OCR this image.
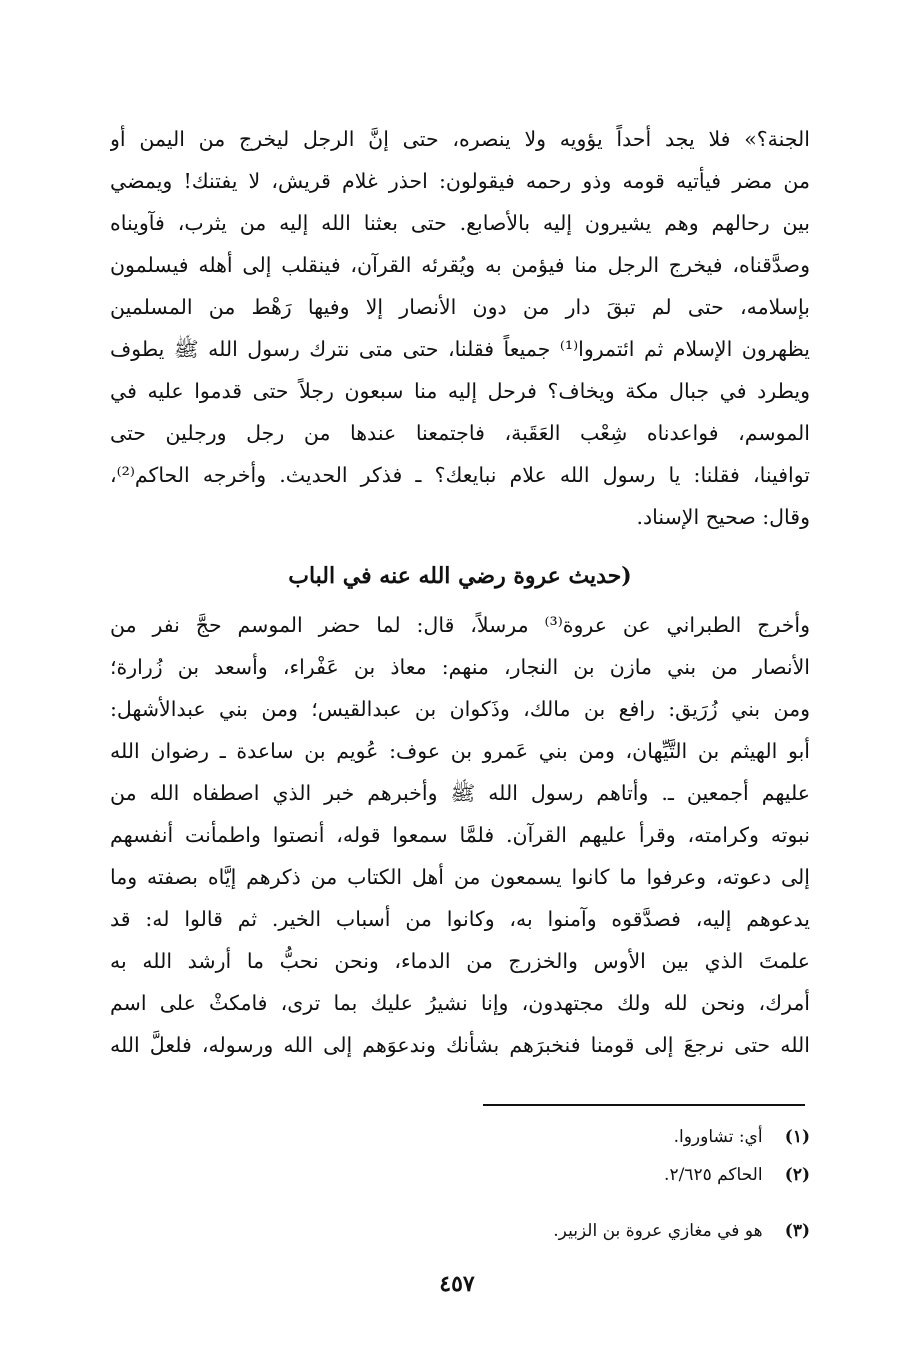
الجنة؟» فلا يجد أحداً يؤويه ولا ينصره، حتى إنَّ الرجل ليخرج من اليمن أو
من مضر فيأتيه قومه وذو رحمه فيقولون: احذر غلام قريش، لا يفتنك! ويمضي
بين رحالهم وهم يشيرون إليه بالأصابع. حتى بعثنا الله إليه من يثرب، فآويناه
وصدَّقناه، فيخرج الرجل منا فيؤمن به ويُقرئه القرآن، فينقلب إلى أهله فيسلمون
بإسلامه، حتى لم تبقَ دار من دون الأنصار إلا وفيها رَهْط من المسلمين
يظهرون الإسلام ثم ائتمروا⁽¹⁾ جميعاً فقلنا، حتى متى نترك رسول الله ﷺ يطوف
ويطرد في جبال مكة ويخاف؟ فرحل إليه منا سبعون رجلاً حتى قدموا عليه في
الموسم، فواعدناه شِعْب العَقَبة، فاجتمعنا عندها من رجل ورجلين حتى
توافينا، فقلنا: يا رسول الله علام نبايعك؟ ـ فذكر الحديث. وأخرجه الحاكم⁽²⁾،
وقال: صحيح الإسناد.
(حديث عروة رضي الله عنه في الباب
وأخرج الطبراني عن عروة⁽³⁾ مرسلاً، قال: لما حضر الموسم حجَّ نفر من
الأنصار من بني مازن بن النجار، منهم: معاذ بن عَفْراء، وأسعد بن زُرارة؛
ومن بني زُرَيق: رافع بن مالك، وذَكوان بن عبدالقيس؛ ومن بني عبدالأشهل:
أبو الهيثم بن التَّيِّهان، ومن بني عَمرو بن عوف: عُويم بن ساعدة ـ رضوان الله
عليهم أجمعين ـ. وأتاهم رسول الله ﷺ وأخبرهم خبر الذي اصطفاه الله من
نبوته وكرامته، وقرأ عليهم القرآن. فلمَّا سمعوا قوله، أنصتوا واطمأنت أنفسهم
إلى دعوته، وعرفوا ما كانوا يسمعون من أهل الكتاب من ذكرهم إيَّاه بصفته وما
يدعوهم إليه، فصدَّقوه وآمنوا به، وكانوا من أسباب الخير. ثم قالوا له: قد
علمتَ الذي بين الأوس والخزرج من الدماء، ونحن نحبُّ ما أرشد الله به
أمرك، ونحن لله ولك مجتهدون، وإنا نشيرُ عليك بما ترى، فامكثْ على اسم
الله حتى نرجعَ إلى قومنا فنخبرَهم بشأنك وندعوَهم إلى الله ورسوله، فلعلَّ الله
(١) أي: تشاوروا.
(٢) الحاكم ٢/٦٢٥.
(٣) هو في مغازي عروة بن الزبير.
٤٥٧
